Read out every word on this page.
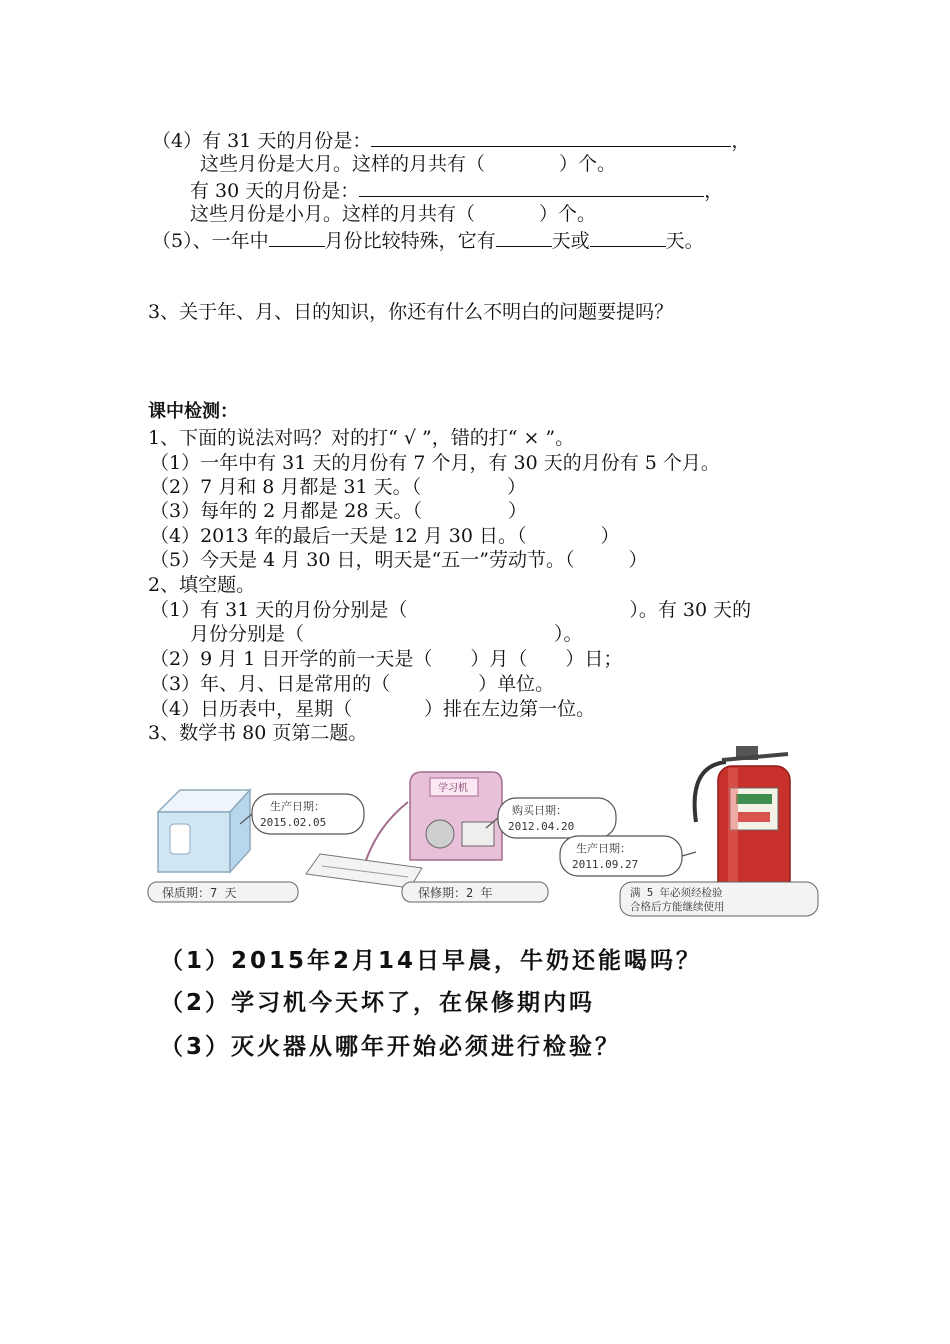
（4）有 31 天的月份是：	，
这些月份是大月。这样的月共有（	）个。
有 30 天的月份是：	，
这些月份是小月。这样的月共有（	）个。
（5）、一年中	月份比较特殊，它有	天或	天。
3、关于年、月、日的知识，你还有什么不明白的问题要提吗？
课中检测：
1、下面的说法对吗？对的打“ √ ”，错的打“ × ”。
（1）一年中有 31 天的月份有 7 个月，有 30 天的月份有 5 个月。
（2）7 月和 8 月都是 31 天。（	）
（3）每年的 2 月都是 28 天。（	）
（4）2013 年的最后一天是 12 月 30 日。（	）
（5）今天是 4 月 30 日，明天是“五一”劳动节。（	）
2、填空题。
（1）有 31 天的月份分别是（	）。有 30 天的
月份分别是（	）。
（2）9 月 1 日开学的前一天是（ ）月（ ）日；
（3）年、月、日是常用的（	）单位。
（4）日历表中，星期（	）排在左边第一位。
3、数学书 80 页第二题。
生产日期：
2015.02.05
保质期：7 天
学习机
购买日期：
2012.04.20
保修期：2 年
生产日期：
2011.09.27
满 5 年必须经检验
合格后方能继续使用
（1）2015年2月14日早晨，牛奶还能喝吗？
（2）学习机今天坏了，在保修期内吗
（3）灭火器从哪年开始必须进行检验？
